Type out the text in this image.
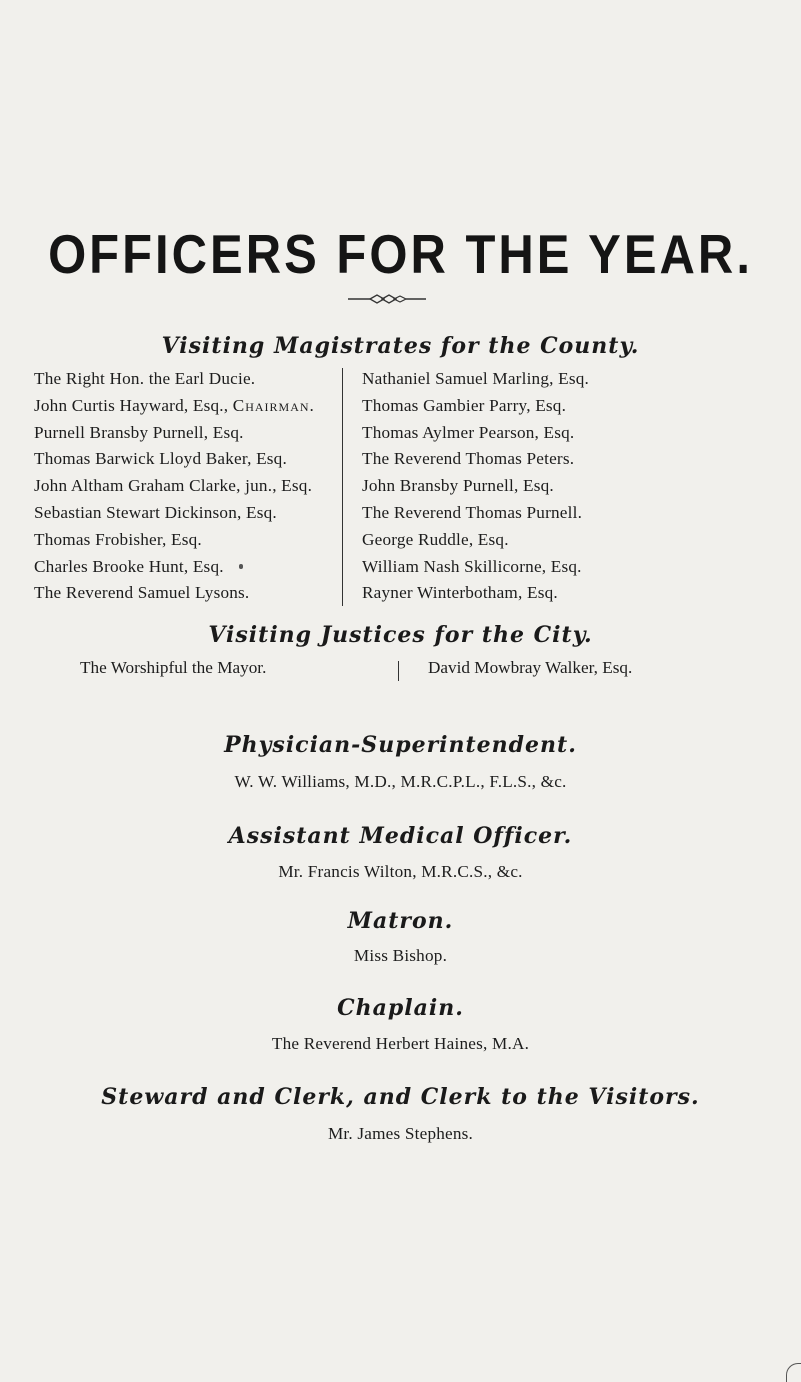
OFFICERS FOR THE YEAR.
Visiting Magistrates for the County.
The Right Hon. the Earl Ducie.
John Curtis Hayward, Esq., Chairman.
Purnell Bransby Purnell, Esq.
Thomas Barwick Lloyd Baker, Esq.
John Altham Graham Clarke, jun., Esq.
Sebastian Stewart Dickinson, Esq.
Thomas Frobisher, Esq.
Charles Brooke Hunt, Esq.
The Reverend Samuel Lysons.
Nathaniel Samuel Marling, Esq.
Thomas Gambier Parry, Esq.
Thomas Aylmer Pearson, Esq.
The Reverend Thomas Peters.
John Bransby Purnell, Esq.
The Reverend Thomas Purnell.
George Ruddle, Esq.
William Nash Skillicorne, Esq.
Rayner Winterbotham, Esq.
Visiting Justices for the City.
The Worshipful the Mayor.	David Mowbray Walker, Esq.
Physician-Superintendent.
W. W. Williams, M.D., M.R.C.P.L., F.L.S., &c.
Assistant Medical Officer.
Mr. Francis Wilton, M.R.C.S., &c.
Matron.
Miss Bishop.
Chaplain.
The Reverend Herbert Haines, M.A.
Steward and Clerk, and Clerk to the Visitors.
Mr. James Stephens.
